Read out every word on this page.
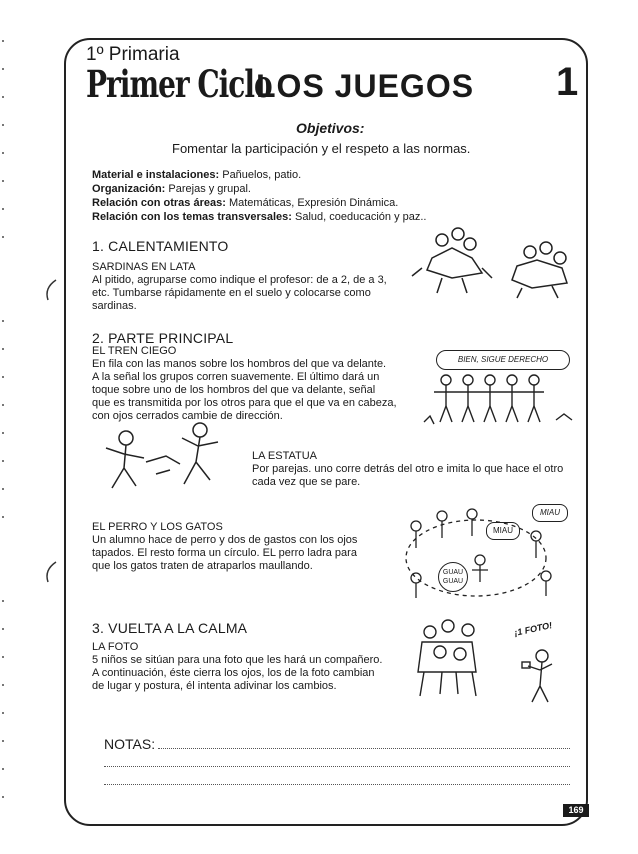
1º Primaria
Primer Ciclo
LOS JUEGOS 1
Objetivos:
Fomentar la participación y el respeto a las normas.
Material e instalaciones: Pañuelos, patio.
Organización: Parejas y grupal.
Relación con otras áreas: Matemáticas, Expresión Dinámica.
Relación con los temas transversales: Salud, coeducación y paz..
1. CALENTAMIENTO
SARDINAS EN LATA
Al pitido, agruparse como indique el profesor: de a 2, de a 3,
etc. Tumbarse rápidamente en el suelo y colocarse como
sardinas.
2. PARTE PRINCIPAL
EL TREN CIEGO
En fila con las manos sobre los hombros del que va delante.
A la señal los grupos corren suavemente. El último dará un
toque sobre uno de los hombros del que va delante, señal
que es transmitida por los otros para que el que va en cabeza,
con ojos cerrados cambie de dirección.
BIEN, SIGUE DERECHO
LA ESTATUA
Por parejas. uno corre detrás del otro e imita lo que hace el otro
cada vez que se pare.
EL PERRO Y LOS GATOS
Un alumno hace de perro y dos de gastos con los ojos
tapados. El resto forma un círculo. EL perro ladra para
que los gatos traten de atraparlos maullando.
MIAU
MIAU
GUAU GUAU
3. VUELTA A LA CALMA
LA FOTO
5 niños se sitúan para una foto que les hará un compañero.
A continuación, éste cierra los ojos, los de la foto cambian
de lugar y postura, él intenta adivinar los cambios.
¡1 FOTO!
NOTAS:
169
